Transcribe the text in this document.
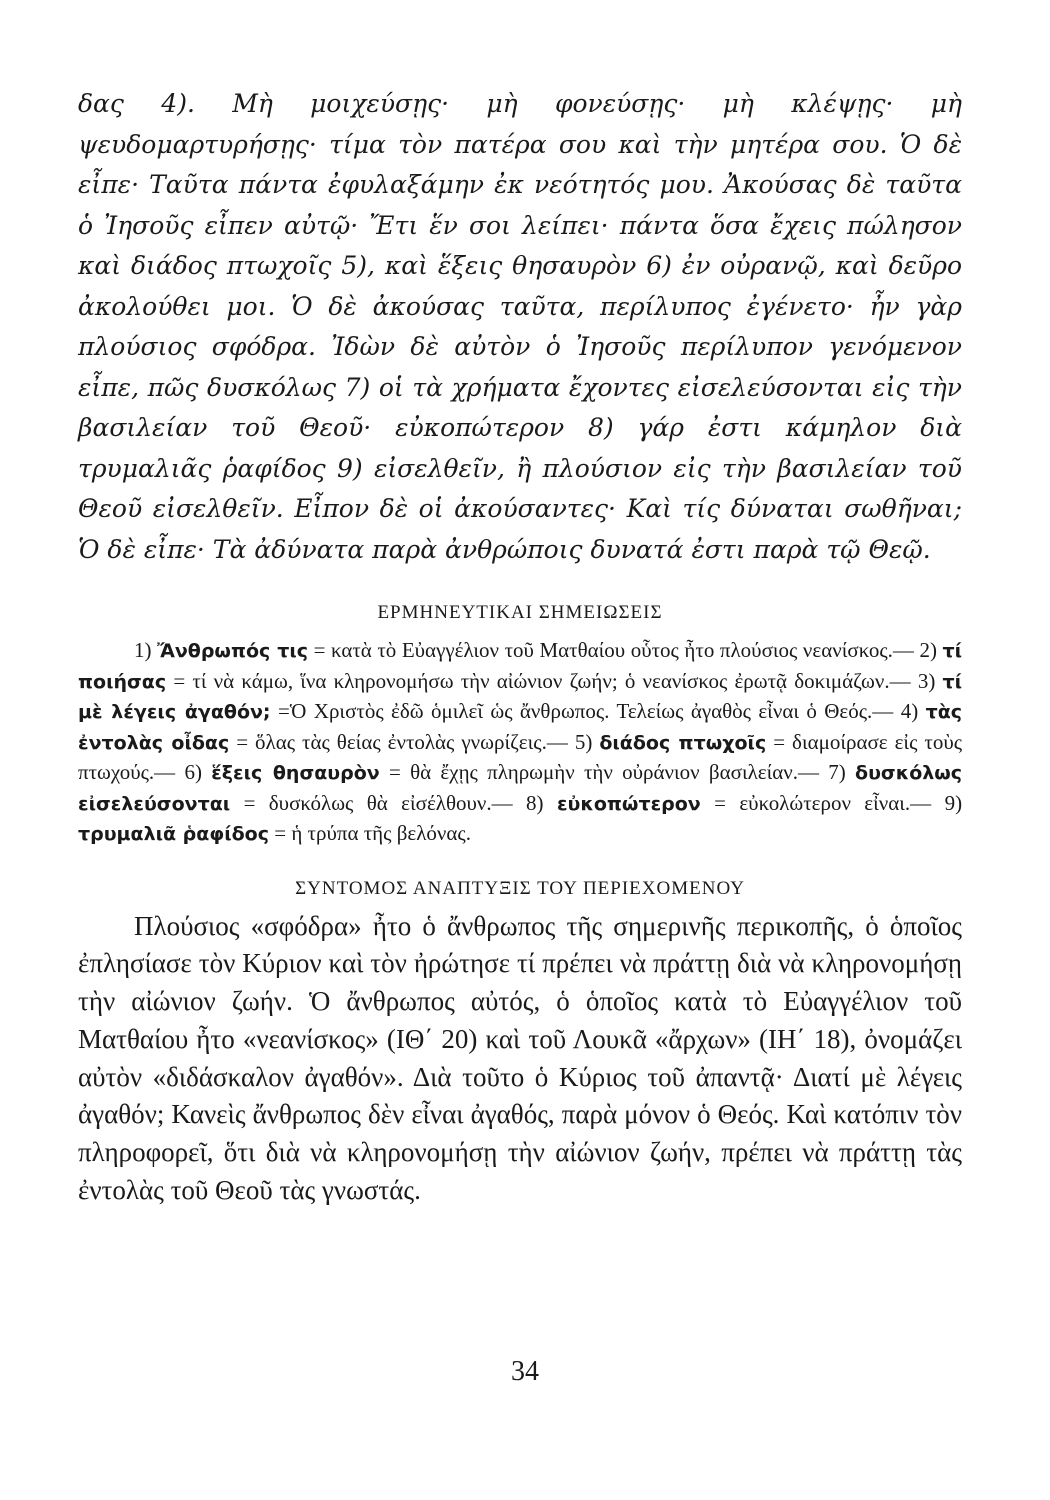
δας 4). Μὴ μοιχεύσῃς· μὴ φονεύσῃς· μὴ κλέψῃς· μὴ ψευδομαρτυρήσῃς· τίμα τὸν πατέρα σου καὶ τὴν μητέρα σου. Ὁ δὲ εἶπε· Ταῦτα πάντα ἐφυλαξάμην ἐκ νεότητός μου. Ἀκούσας δὲ ταῦτα ὁ Ἰησοῦς εἶπεν αὐτῷ· Ἔτι ἕν σοι λείπει· πάντα ὅσα ἔχεις πώλησον καὶ διάδος πτωχοῖς 5), καὶ ἕξεις θησαυρὸν 6) ἐν οὐρανῷ, καὶ δεῦρο ἀκολούθει μοι. Ὁ δὲ ἀκούσας ταῦτα, περίλυπος ἐγένετο· ἦν γὰρ πλούσιος σφόδρα. Ἰδὼν δὲ αὐτὸν ὁ Ἰησοῦς περίλυπον γενόμενον εἶπε, πῶς δυσκόλως 7) οἱ τὰ χρήματα ἔχοντες εἰσελεύσονται εἰς τὴν βασιλείαν τοῦ Θεοῦ· εὐκοπώτερον 8) γάρ ἐστι κάμηλον διὰ τρυμαλιᾶς ῥαφίδος 9) εἰσελθεῖν, ἢ πλούσιον εἰς τὴν βασιλείαν τοῦ Θεοῦ εἰσελθεῖν. Εἶπον δὲ οἱ ἀκούσαντες· Καὶ τίς δύναται σωθῆναι; Ὁ δὲ εἶπε· Τὰ ἀδύνατα παρὰ ἀνθρώποις δυνατά ἐστι παρὰ τῷ Θεῷ.

ΕΡΜΗΝΕΥΤΙΚΑΙ ΣΗΜΕΙΩΣΕΙΣ

1) Ἄνθρωπός τις = κατὰ τὸ Εὐαγγέλιον τοῦ Ματθαίου οὗτος ἦτο πλούσιος νεανίσκος.— 2) τί ποιήσας = τί νὰ κάμω, ἵνα κληρονομήσω τὴν αἰώνιον ζωήν; ὁ νεανίσκος ἐρωτᾷ δοκιμάζων.— 3) τί μὲ λέγεις ἀγαθόν; =Ὁ Χριστὸς ἐδῶ ὁμιλεῖ ὡς ἄνθρωπος. Τελείως ἀγαθὸς εἶναι ὁ Θεός.— 4) τὰς ἐντολὰς οἶδας = ὅλας τὰς θείας ἐντολὰς γνωρίζεις.— 5) διάδος πτωχοῖς = διαμοίρασε εἰς τοὺς πτωχούς.— 6) ἕξεις θησαυρὸν = θὰ ἔχῃς πληρωμὴν τὴν οὐράνιον βασιλείαν.— 7) δυσκόλως εἰσελεύσονται = δυσκόλως θὰ εἰσέλθουν.— 8) εὐκοπώτερον = εὐκολώτερον εἶναι.— 9) τρυμαλιᾶ ῥαφίδος = ἡ τρύπα τῆς βελόνας.

ΣΥΝΤΟΜΟΣ ΑΝΑΠΤΥΞΙΣ ΤΟΥ ΠΕΡΙΕΧΟΜΕΝΟΥ

Πλούσιος «σφόδρα» ἦτο ὁ ἄνθρωπος τῆς σημερινῆς περικοπῆς, ὁ ὁποῖος ἐπλησίασε τὸν Κύριον καὶ τὸν ἠρώτησε τί πρέπει νὰ πράττῃ διὰ νὰ κληρονομήσῃ τὴν αἰώνιον ζωήν. Ὁ ἄνθρωπος αὐτός, ὁ ὁποῖος κατὰ τὸ Εὐαγγέλιον τοῦ Ματθαίου ἦτο «νεανίσκος» (ΙΘ΄ 20) καὶ τοῦ Λουκᾶ «ἄρχων» (ΙΗ΄ 18), ὀνομάζει αὐτὸν «διδάσκαλον ἀγαθόν». Διὰ τοῦτο ὁ Κύριος τοῦ ἀπαντᾷ· Διατί μὲ λέγεις ἀγαθόν; Κανεὶς ἄνθρωπος δὲν εἶναι ἀγαθός, παρὰ μόνον ὁ Θεός. Καὶ κατόπιν τὸν πληροφορεῖ, ὅτι διὰ νὰ κληρονομήσῃ τὴν αἰώνιον ζωήν, πρέπει νὰ πράττῃ τὰς ἐντολὰς τοῦ Θεοῦ τὰς γνωστάς.

34
